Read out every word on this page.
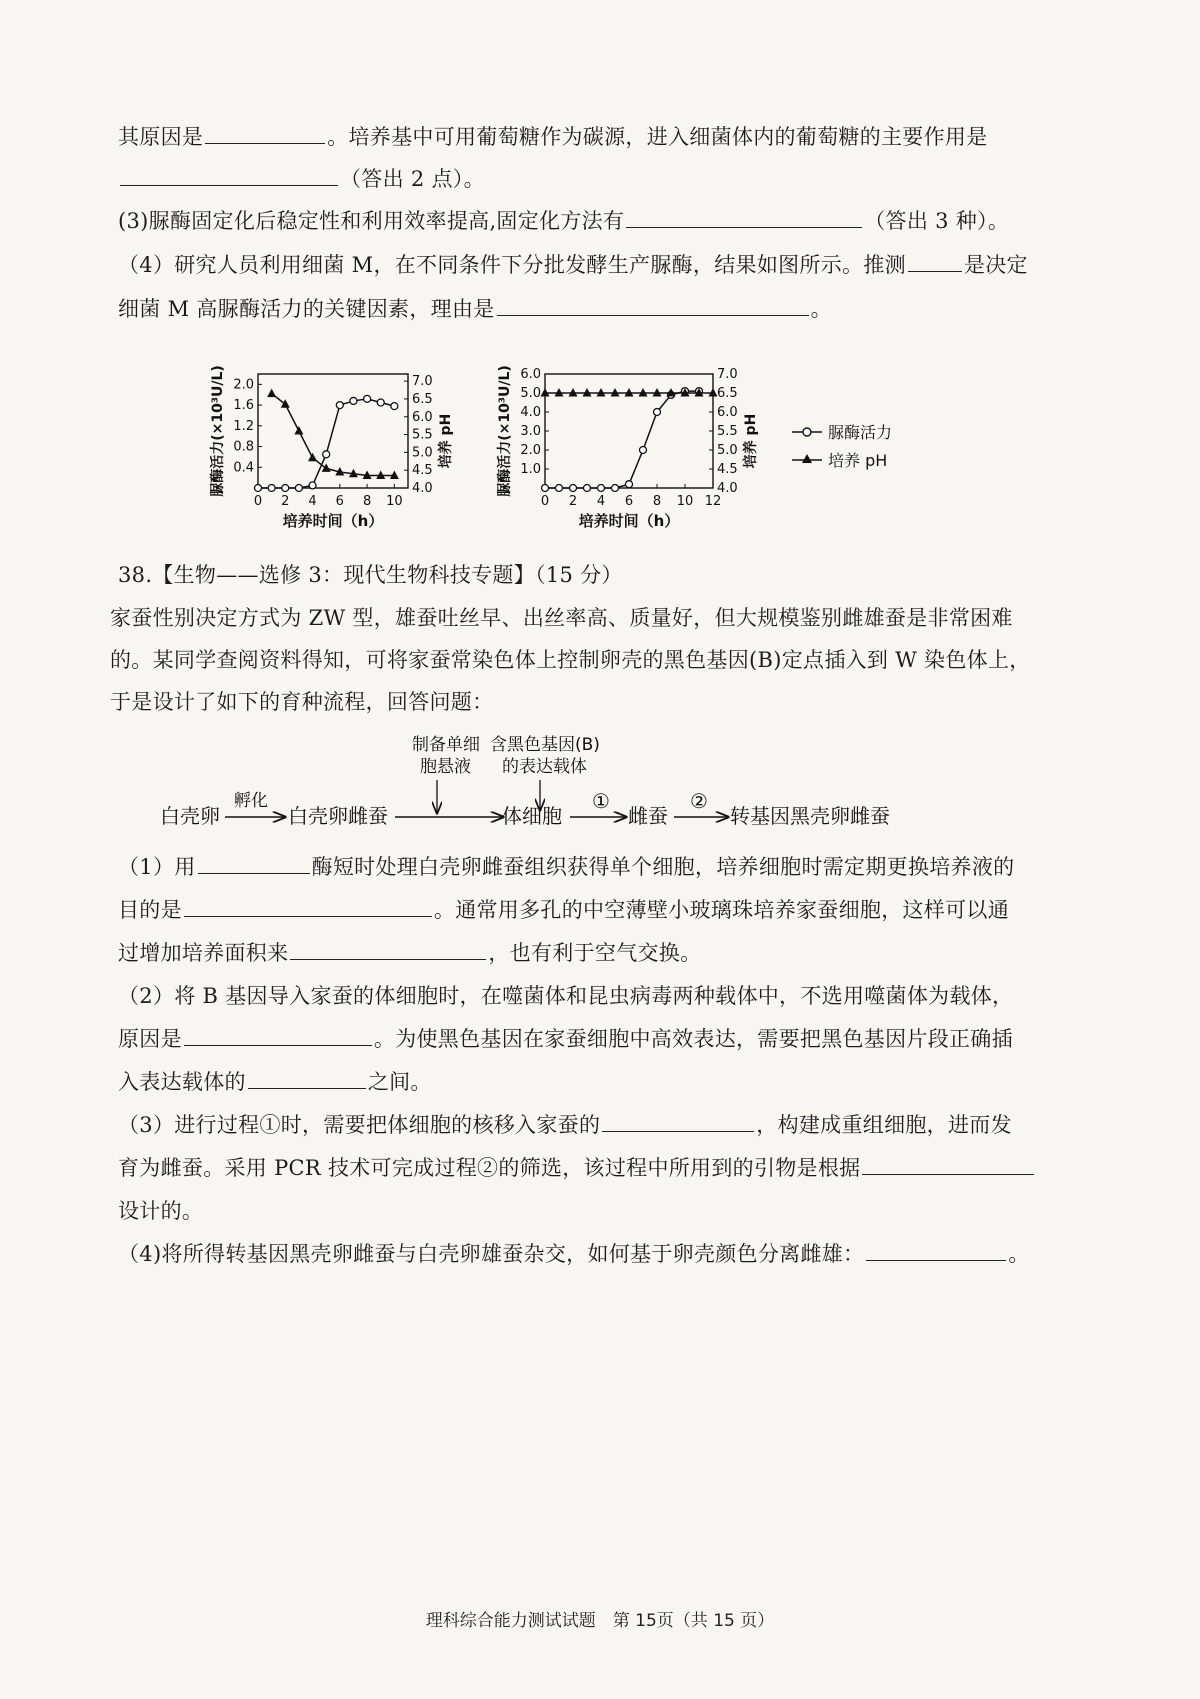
其原因是	。培养基中可用葡萄糖作为碳源，进入细菌体内的葡萄糖的主要作用是
（答出 2 点）。
(3)脲酶固定化后稳定性和利用效率提高,固定化方法有	（答出 3 种）。
（4）研究人员利用细菌 M，在不同条件下分批发酵生产脲酶，结果如图所示。推测	是决定
细菌 M 高脲酶活力的关键因素，理由是	。
0 2 4 6 8 10
0.4
0.8
1.2
1.6
2.0
4.0
4.5
5.0
5.5
6.0
6.5
7.0
培养时间（h）
脲酶活力(×10³U/L)	培养 pH
0 2 4 6 8 10 12
1.0
2.0
3.0
4.0
5.0
6.0
4.0
4.5
5.0
5.5
6.0
6.5
7.0
培养时间（h）
脲酶活力(×10³U/L)	培养 pH	脲酶活力
培养 pH
38.【生物——选修 3：现代生物科技专题】（15 分）
家蚕性别决定方式为 ZW 型，雄蚕吐丝早、出丝率高、质量好，但大规模鉴别雌雄蚕是非常困难
的。某同学查阅资料得知，可将家蚕常染色体上控制卵壳的黑色基因(B)定点插入到 W 染色体上，
于是设计了如下的育种流程，回答问题：
白壳卵
孵化
白壳卵雌蚕
制备单细
胞悬液
含黑色基因(B)
的表达载体
体细胞
①
雌蚕
②
转基因黑壳卵雌蚕
（1）用	酶短时处理白壳卵雌蚕组织获得单个细胞，培养细胞时需定期更换培养液的
目的是	。通常用多孔的中空薄壁小玻璃珠培养家蚕细胞，这样可以通
过增加培养面积来	，也有利于空气交换。
（2）将 B 基因导入家蚕的体细胞时，在噬菌体和昆虫病毒两种载体中，不选用噬菌体为载体，
原因是	。为使黑色基因在家蚕细胞中高效表达，需要把黑色基因片段正确插
入表达载体的	之间。
（3）进行过程①时，需要把体细胞的核移入家蚕的	，构建成重组细胞，进而发
育为雌蚕。采用 PCR 技术可完成过程②的筛选，该过程中所用到的引物是根据
设计的。
（4)将所得转基因黑壳卵雌蚕与白壳卵雄蚕杂交，如何基于卵壳颜色分离雌雄：	。
理科综合能力测试试题　第 15页（共 15 页）
